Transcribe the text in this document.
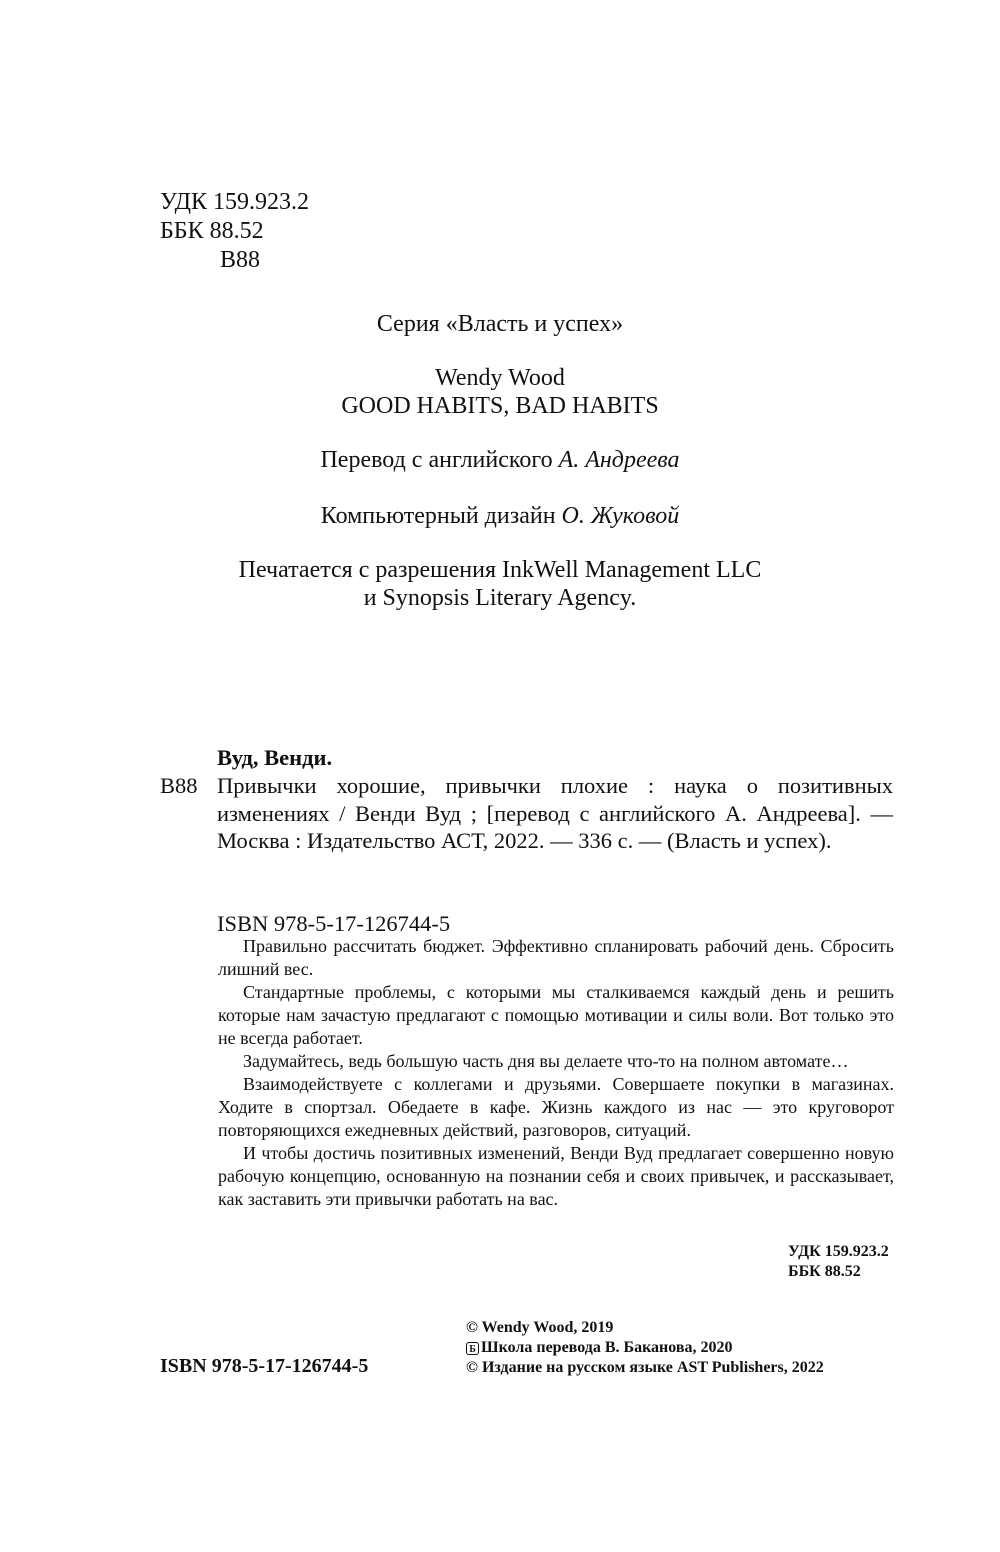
УДК 159.923.2
ББК 88.52
В88
Серия «Власть и успех»
Wendy Wood
GOOD HABITS, BAD HABITS
Перевод с английского А. Андреева
Компьютерный дизайн О. Жуковой
Печатается с разрешения InkWell Management LLC
и Synopsis Literary Agency.
Вуд, Венди.
В88 Привычки хорошие, привычки плохие : наука о позитивных изменениях / Венди Вуд ; [перевод с английского А. Андреева]. — Москва : Издательство АСТ, 2022. — 336 с. — (Власть и успех).
ISBN 978-5-17-126744-5

Правильно рассчитать бюджет. Эффективно спланировать рабочий день. Сбросить лишний вес.

Стандартные проблемы, с которыми мы сталкиваемся каждый день и решить которые нам зачастую предлагают с помощью мотивации и силы воли. Вот только это не всегда работает.

Задумайтесь, ведь большую часть дня вы делаете что-то на полном автомате…

Взаимодействуете с коллегами и друзьями. Совершаете покупки в магазинах. Ходите в спортзал. Обедаете в кафе. Жизнь каждого из нас — это круговорот повторяющихся ежедневных действий, разговоров, ситуаций.

И чтобы достичь позитивных изменений, Венди Вуд предлагает совершенно новую рабочую концепцию, основанную на познании себя и своих привычек, и рассказывает, как заставить эти привычки работать на вас.

УДК 159.923.2
ББК 88.52
ISBN 978-5-17-126744-5
© Wendy Wood, 2019
Б Школа перевода В. Баканова, 2020
© Издание на русском языке AST Publishers, 2022
